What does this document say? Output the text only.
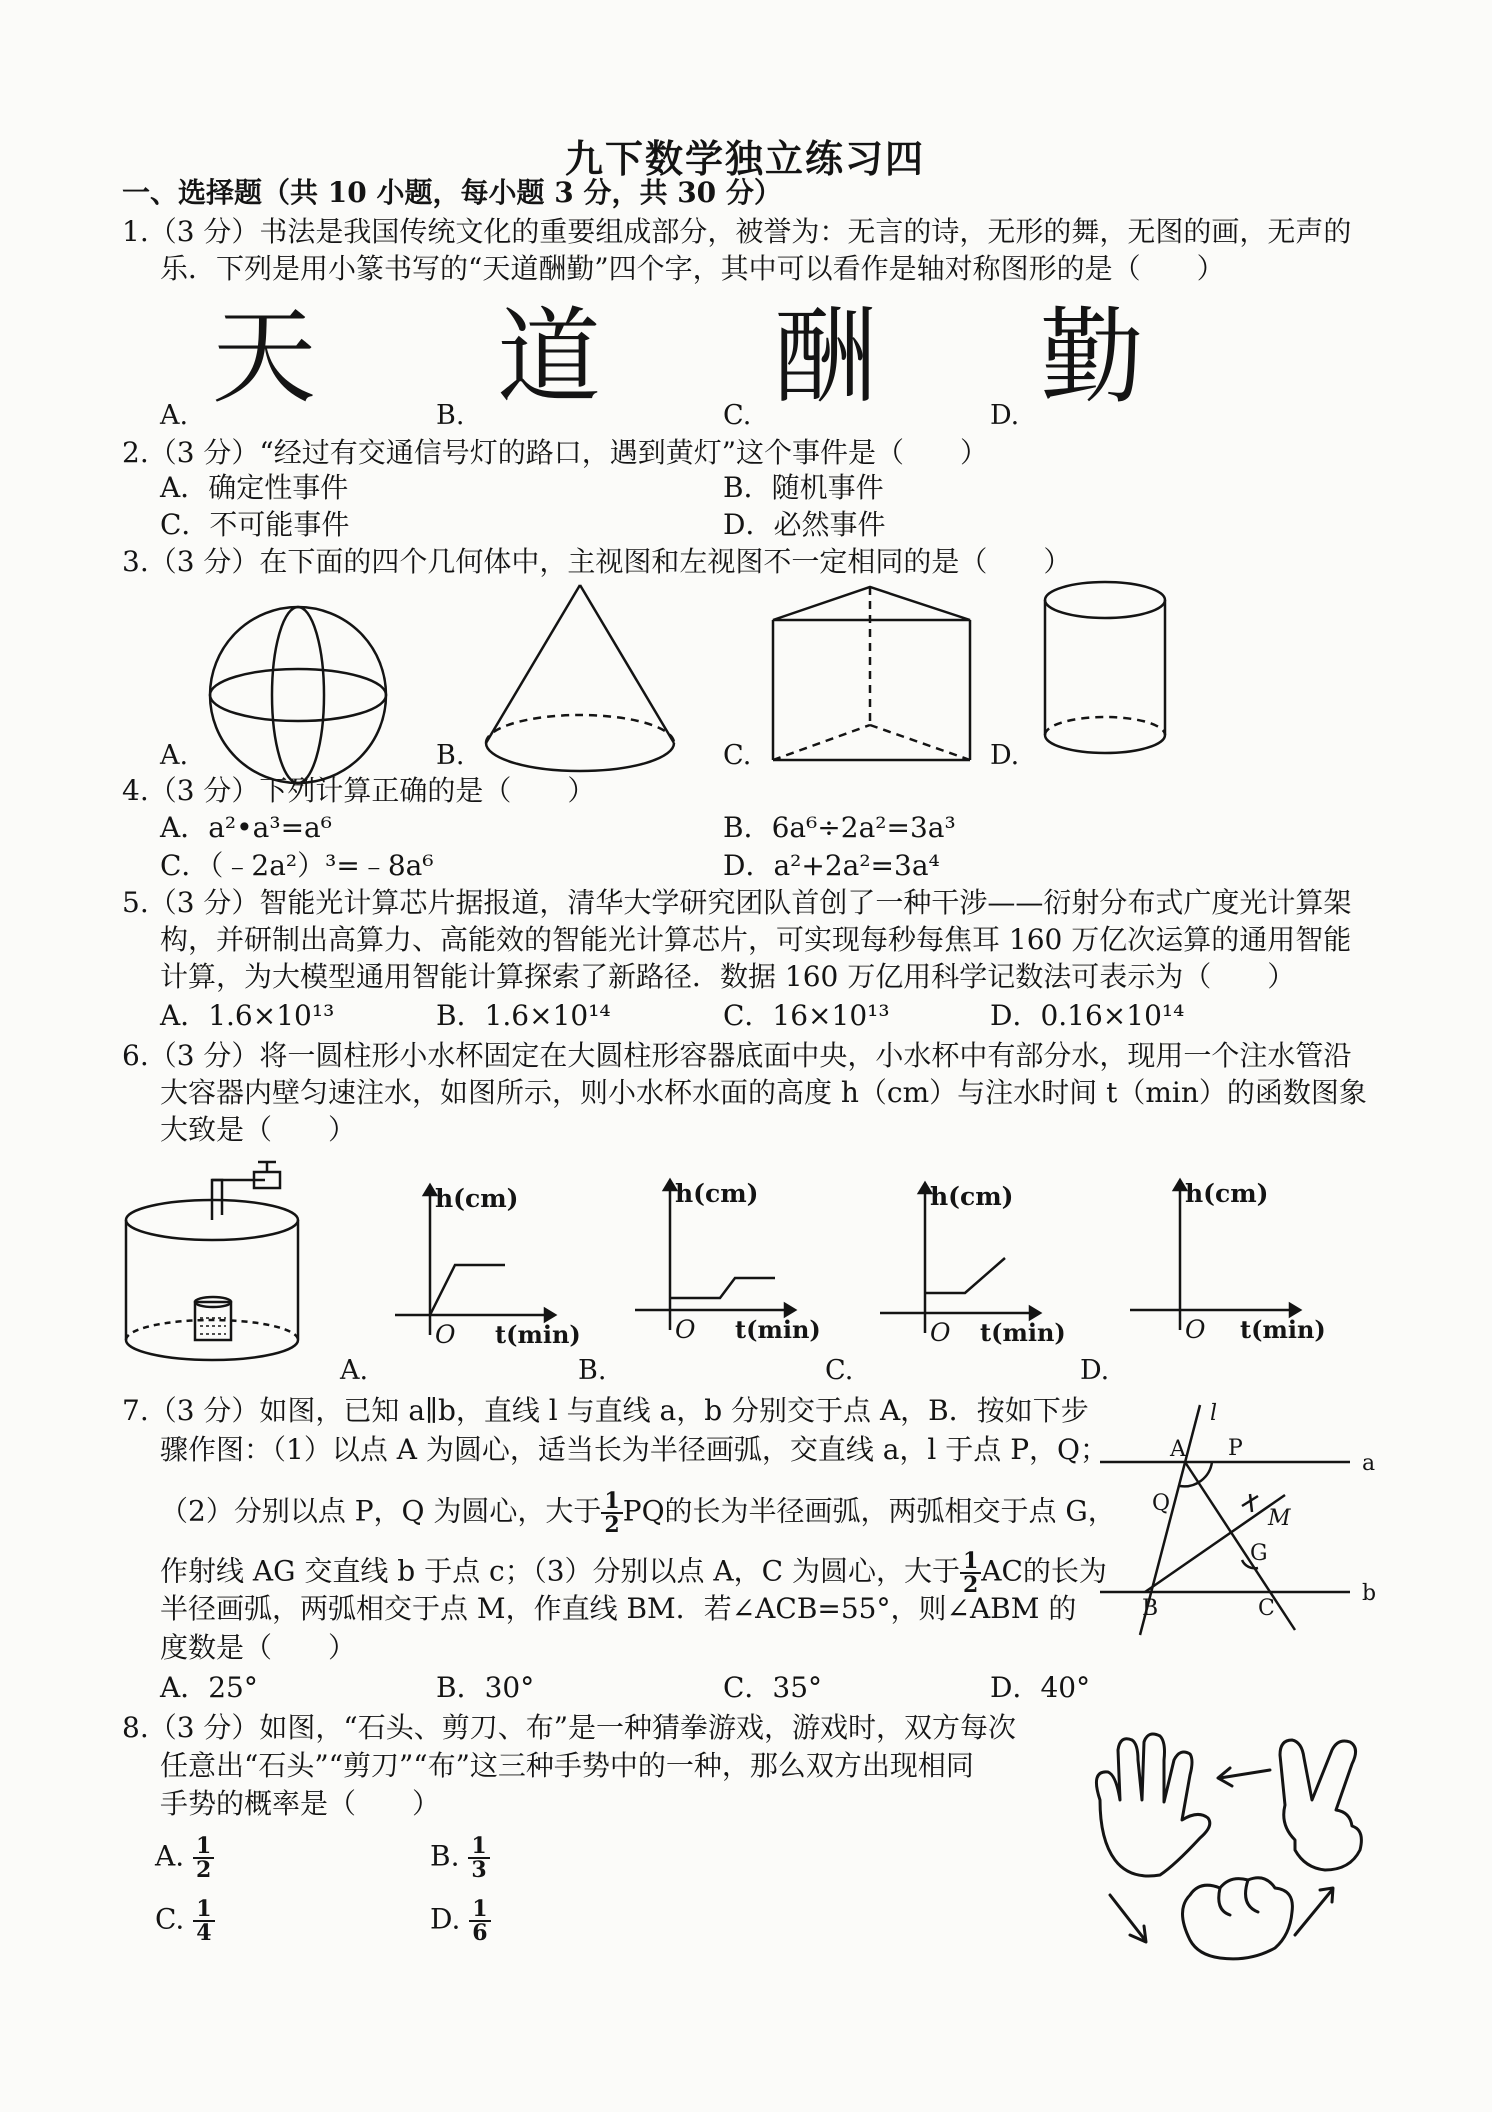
九下数学独立练习四
一、选择题（共 10 小题，每小题 3 分，共 30 分）
1.（3 分）书法是我国传统文化的重要组成部分，被誉为：无言的诗，无形的舞，无图的画，无声的
乐．下列是用小篆书写的“天道酬勤”四个字，其中可以看作是轴对称图形的是（　　）
天 道 酬 勤
A.	B.	C.	D.
2.（3 分）“经过有交通信号灯的路口，遇到黄灯”这个事件是（　　）
A．确定性事件	B．随机事件
C．不可能事件	D．必然事件
3.（3 分）在下面的四个几何体中，主视图和左视图不一定相同的是（　　）
A.	B.	C.	D.
4.（3 分）下列计算正确的是（　　）
A．a²•a³=a⁶	B．6a⁶÷2a²=3a³
C．（﹣2a²）³=﹣8a⁶	D．a²+2a²=3a⁴
5.（3 分）智能光计算芯片据报道，清华大学研究团队首创了一种干涉——衍射分布式广度光计算架
构，并研制出高算力、高能效的智能光计算芯片，可实现每秒每焦耳 160 万亿次运算的通用智能
计算，为大模型通用智能计算探索了新路径．数据 160 万亿用科学记数法可表示为（　　）
A．1.6×10¹³	B．1.6×10¹⁴	C．16×10¹³	D．0.16×10¹⁴
6.（3 分）将一圆柱形小水杯固定在大圆柱形容器底面中央，小水杯中有部分水，现用一个注水管沿
大容器内壁匀速注水，如图所示，则小水杯水面的高度 h（cm）与注水时间 t（min）的函数图象
大致是（　　）
h(cm)
O t(min)
h(cm)
O t(min)
h(cm)
O t(min)
h(cm)
O t(min)
A.	B.	C.	D.
7.（3 分）如图，已知 a∥b，直线 l 与直线 a，b 分别交于点 A，B．按如下步
骤作图：（1）以点 A 为圆心，适当长为半径画弧，交直线 a，l 于点 P，Q；
（2）分别以点 P，Q 为圆心，大于 $\frac{1}{2}$ PQ的长为半径画弧，两弧相交于点 G，
作射线 AG 交直线 b 于点 c；（3）分别以点 A，C 为圆心，大于 $\frac{1}{2}$ AC的长为
半径画弧，两弧相交于点 M，作直线 BM．若∠ACB=55°，则∠ABM 的
度数是（　　）
A．25°	B．30°	C．35°	D．40°
a
b
l
A P
Q
M
G
B	C
8.（3 分）如图，“石头、剪刀、布”是一种猜拳游戏，游戏时，双方每次
任意出“石头”“剪刀”“布”这三种手势中的一种，那么双方出现相同
手势的概率是（　　）
A. $\frac{1}{2}$	B. $\frac{1}{3}$
C. $\frac{1}{4}$	D. $\frac{1}{6}$
